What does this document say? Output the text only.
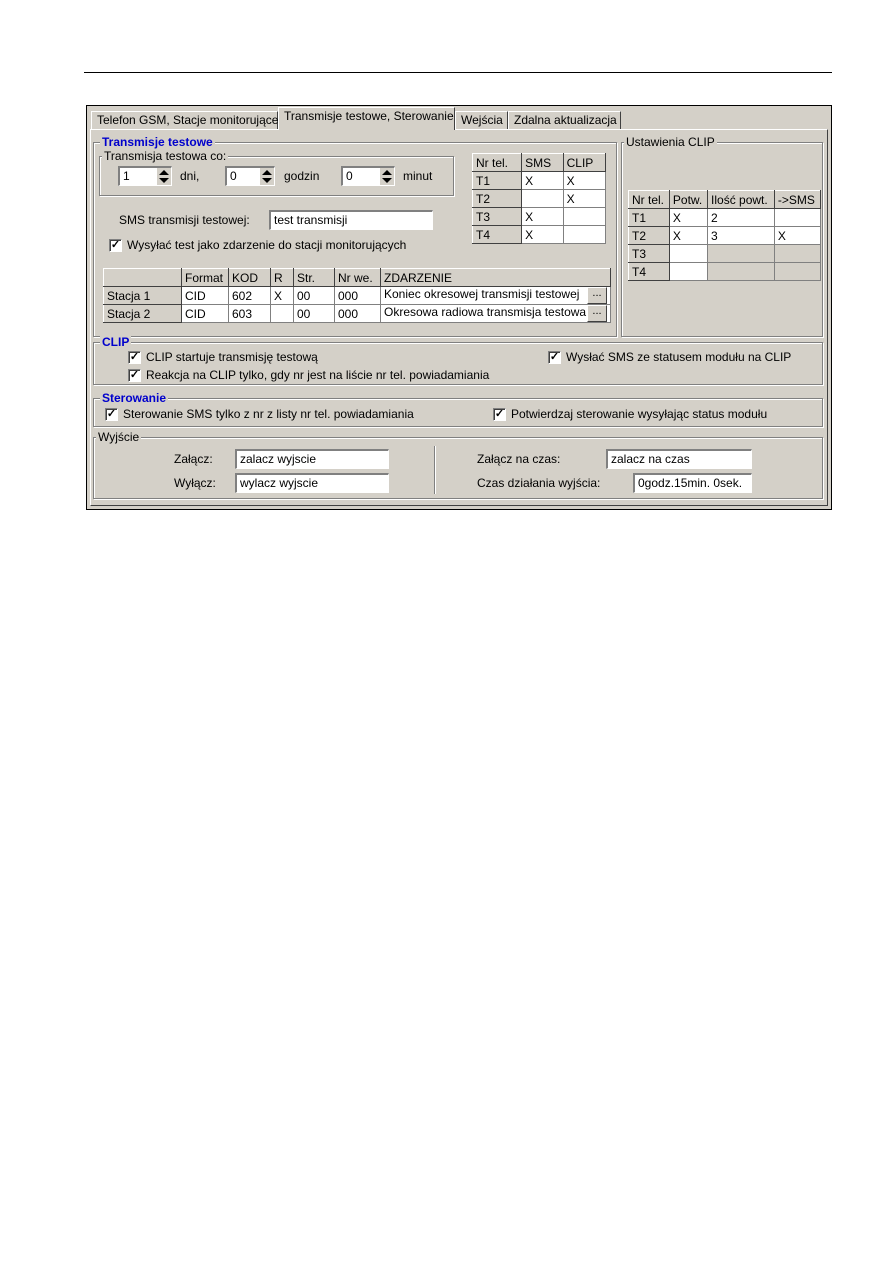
Telefon GSM, Stacje monitorujące Transmisje testowe, Sterowanie Wejścia Zdalna aktualizacja
Transmisje testowe
Transmisja testowa co:
1	dni,	0	godzin 0	minut
SMS transmisji testowej:	test transmisji
✓ Wysyłać test jako zdarzenie do stacji monitorujących
Nr tel.	SMS	CLIP
T1	X	X
T2		X
T3	X	
T4	X	
	Format	KOD	R	Str.	Nr we.	ZDARZENIE
Stacja 1	CID	602	X	00	000	Koniec okresowej transmisji testowej ...

Stacja 2	CID	603		00	000	Okresowa radiowa transmisja testowa ...
Ustawienia CLIP
Nr tel.	Potw.	Ilość powt.	->SMS
T1	X	2	
T2	X	3	X
T3			
T4			
CLIP
✓ CLIP startuje transmisję testową
✓ Reakcja na CLIP tylko, gdy nr jest na liście nr tel. powiadamiania
✓ Wysłać SMS ze statusem modułu na CLIP
Sterowanie
✓ Sterowanie SMS tylko z nr z listy nr tel. powiadamiania	✓ Potwierdzaj sterowanie wysyłając status modułu
Wyjście
Załącz:	zalacz wyjscie
Wyłącz:	wylacz wyjscie
Załącz na czas:	zalacz na czas
Czas działania wyjścia:	0godz.15min. 0sek.
